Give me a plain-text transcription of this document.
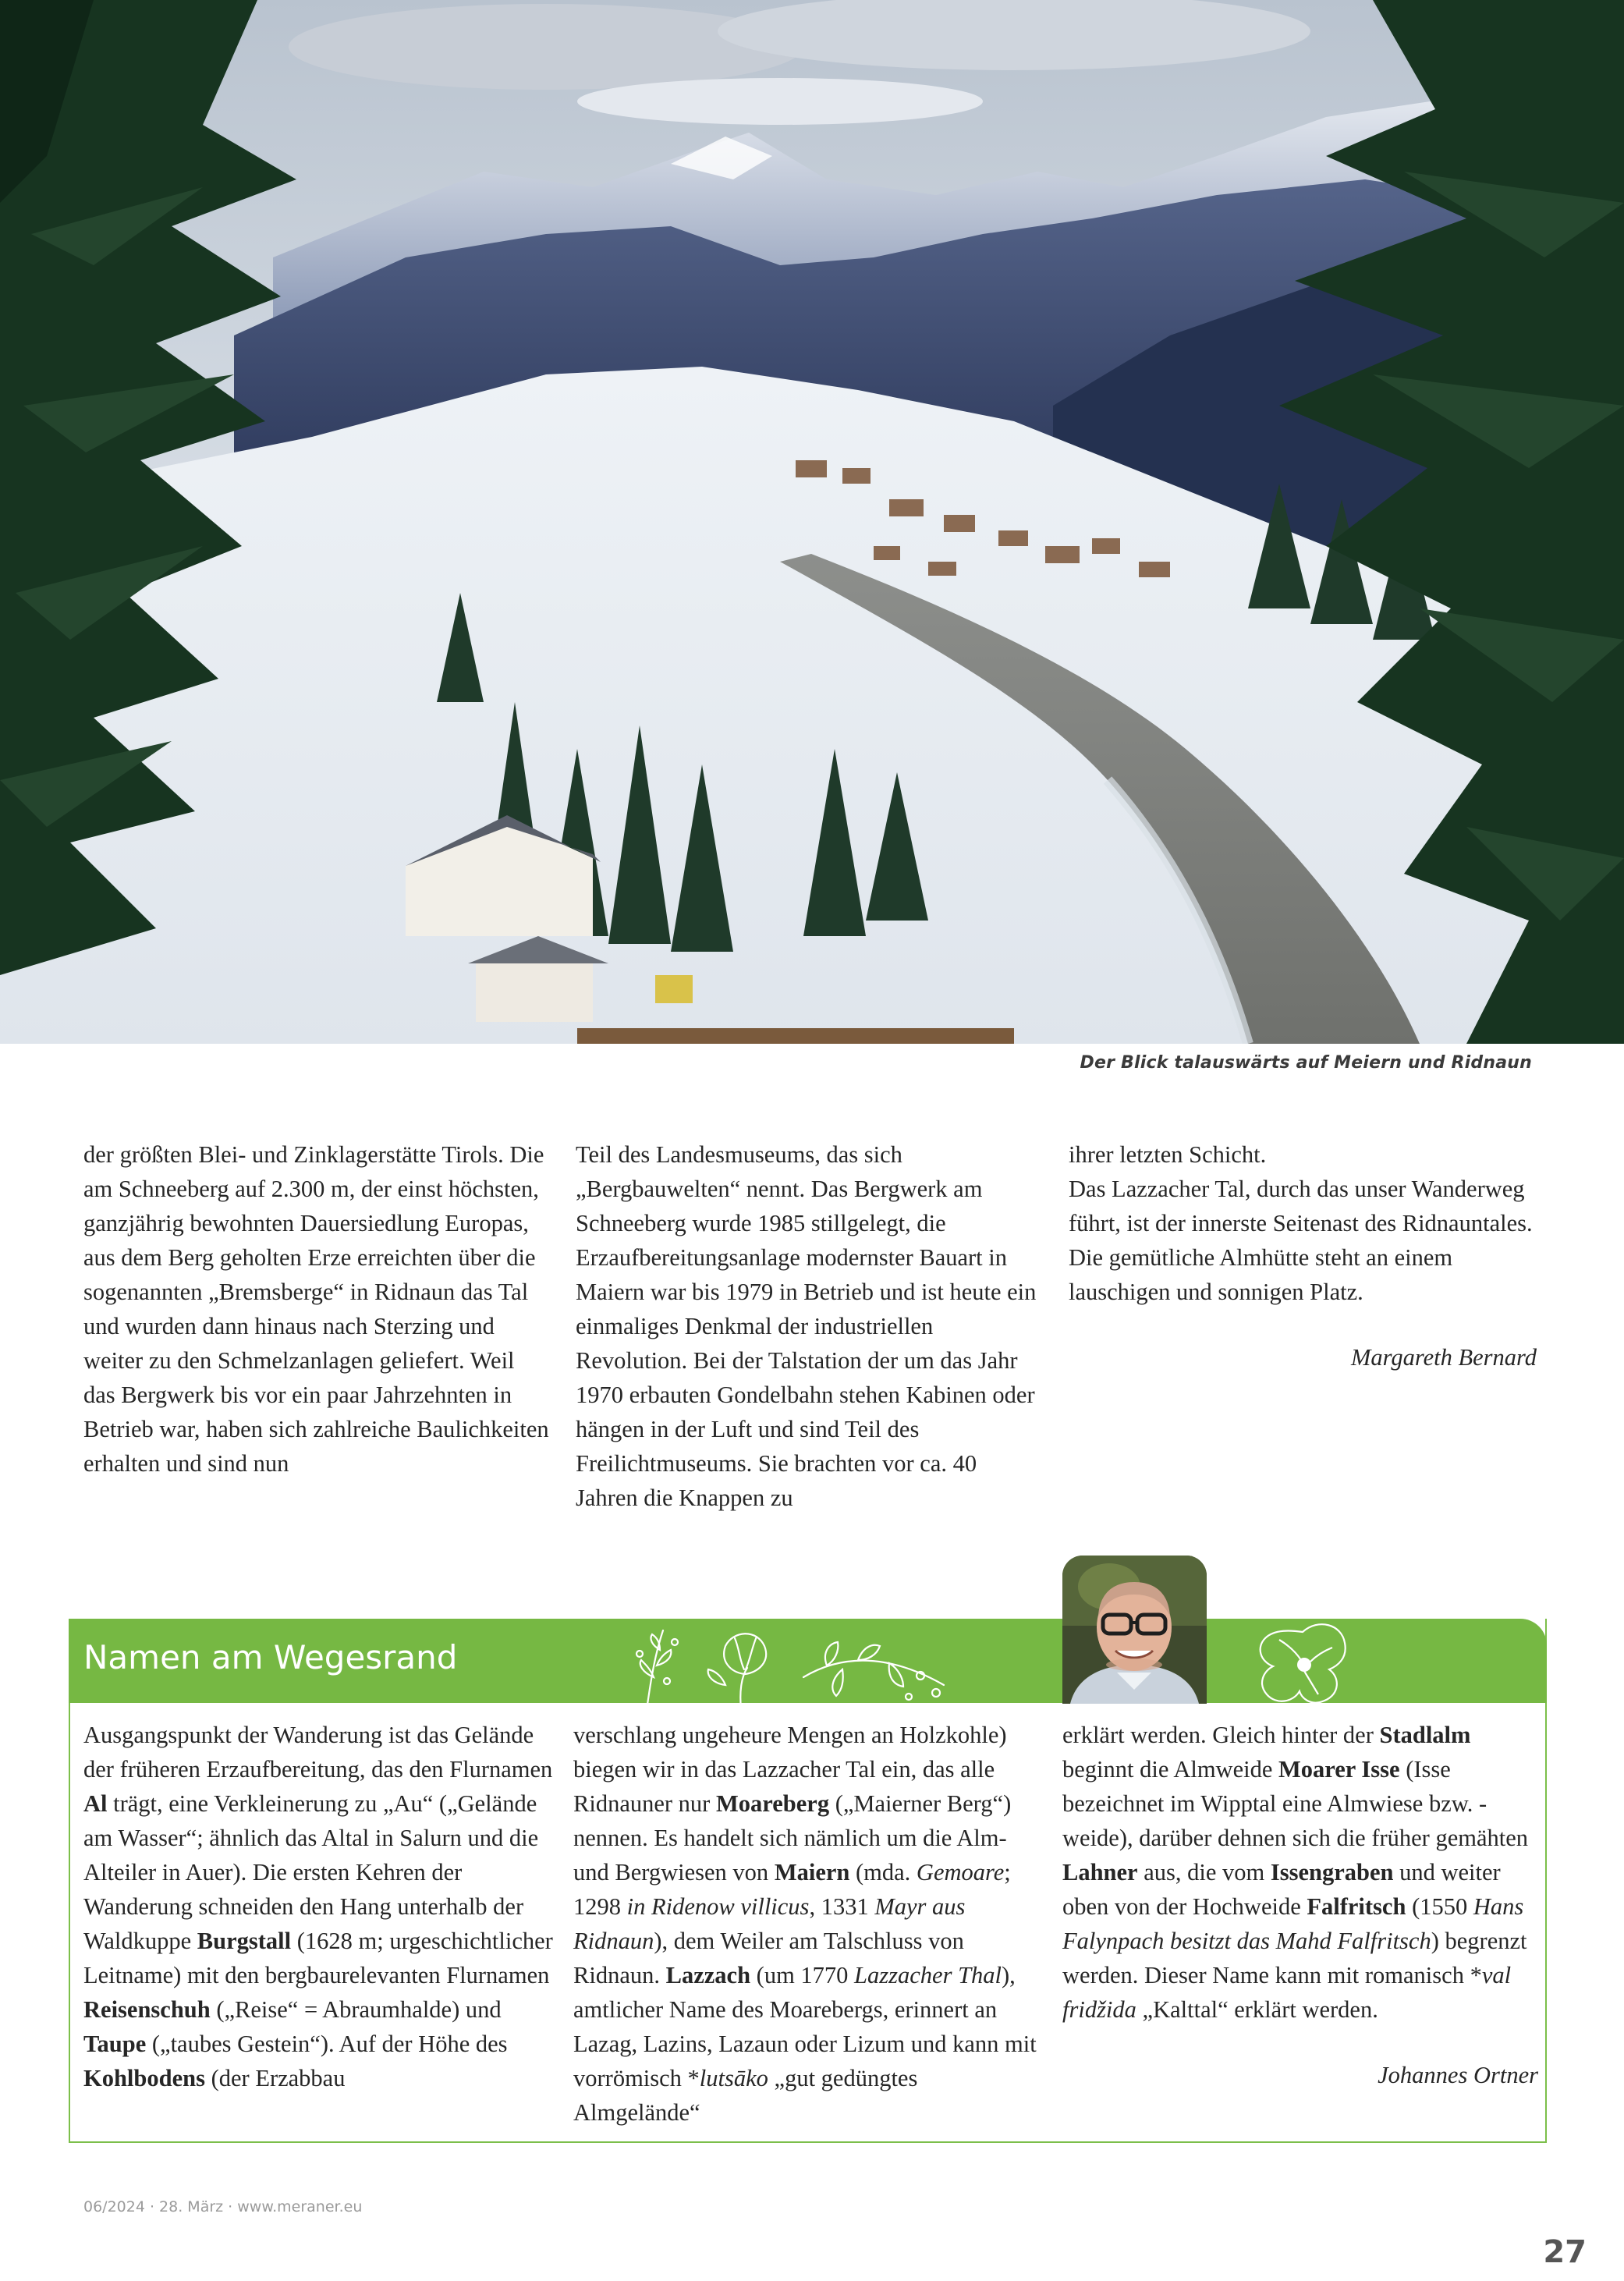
Der Blick talauswärts auf Meiern und Ridnaun

der größten Blei- und Zinklagerstätte Tirols. Die am Schneeberg auf 2.300 m, der einst höchsten, ganzjährig bewohnten Dauersiedlung Europas, aus dem Berg geholten Erze erreichten über die sogenannten „Bremsberge“ in Ridnaun das Tal und wurden dann hinaus nach Sterzing und weiter zu den Schmelzanlagen geliefert. Weil das Bergwerk bis vor ein paar Jahrzehnten in Betrieb war, haben sich zahlreiche Baulichkeiten erhalten und sind nun

Teil des Landesmuseums, das sich „Bergbauwelten“ nennt. Das Bergwerk am Schneeberg wurde 1985 stillgelegt, die Erzaufbereitungsanlage modernster Bauart in Maiern war bis 1979 in Betrieb und ist heute ein einmaliges Denkmal der industriellen Revolution. Bei der Talstation der um das Jahr 1970 erbauten Gondelbahn stehen Kabinen oder hängen in der Luft und sind Teil des Freilichtmuseums. Sie brachten vor ca. 40 Jahren die Knappen zu

ihrer letzten Schicht.
Das Lazzacher Tal, durch das unser Wanderweg führt, ist der innerste Seitenast des Ridnauntales. Die gemütliche Almhütte steht an einem lauschigen und sonnigen Platz.

Margareth Bernard
Namen am Wegesrand

Ausgangspunkt der Wanderung ist das Gelände der früheren Erzaufbereitung, das den Flurnamen Al trägt, eine Verkleinerung zu „Au“ („Gelände am Wasser“; ähnlich das Altal in Salurn und die Alteiler in Auer). Die ersten Kehren der Wanderung schneiden den Hang unterhalb der Waldkuppe Burgstall (1628 m; urgeschichtlicher Leitname) mit den bergbaurelevanten Flurnamen Reisenschuh („Reise“ = Abraumhalde) und Taupe („taubes Gestein“). Auf der Höhe des Kohlbodens (der Erzabbau

verschlang ungeheure Mengen an Holzkohle) biegen wir in das Lazzacher Tal ein, das alle Ridnauner nur Moareberg („Maierner Berg“) nennen. Es handelt sich nämlich um die Alm- und Bergwiesen von Maiern (mda. Gemoare; 1298 in Ridenow villicus, 1331 Mayr aus Ridnaun), dem Weiler am Talschluss von Ridnaun. Lazzach (um 1770 Lazzacher Thal), amtlicher Name des Moarebergs, erinnert an Lazag, Lazins, Lazaun oder Lizum und kann mit vorrömisch *lutsāko „gut gedüngtes Almgelände“

erklärt werden. Gleich hinter der Stadlalm beginnt die Almweide Moarer Isse (Isse bezeichnet im Wipptal eine Almwiese bzw. -weide), darüber dehnen sich die früher gemähten Lahner aus, die vom Issengraben und weiter oben von der Hochweide Falfritsch (1550 Hans Falynpach besitzt das Mahd Falfritsch) begrenzt werden. Dieser Name kann mit romanisch *val fridžida „Kalttal“ erklärt werden.

Johannes Ortner
06/2024 · 28. März · www.meraner.eu
27
